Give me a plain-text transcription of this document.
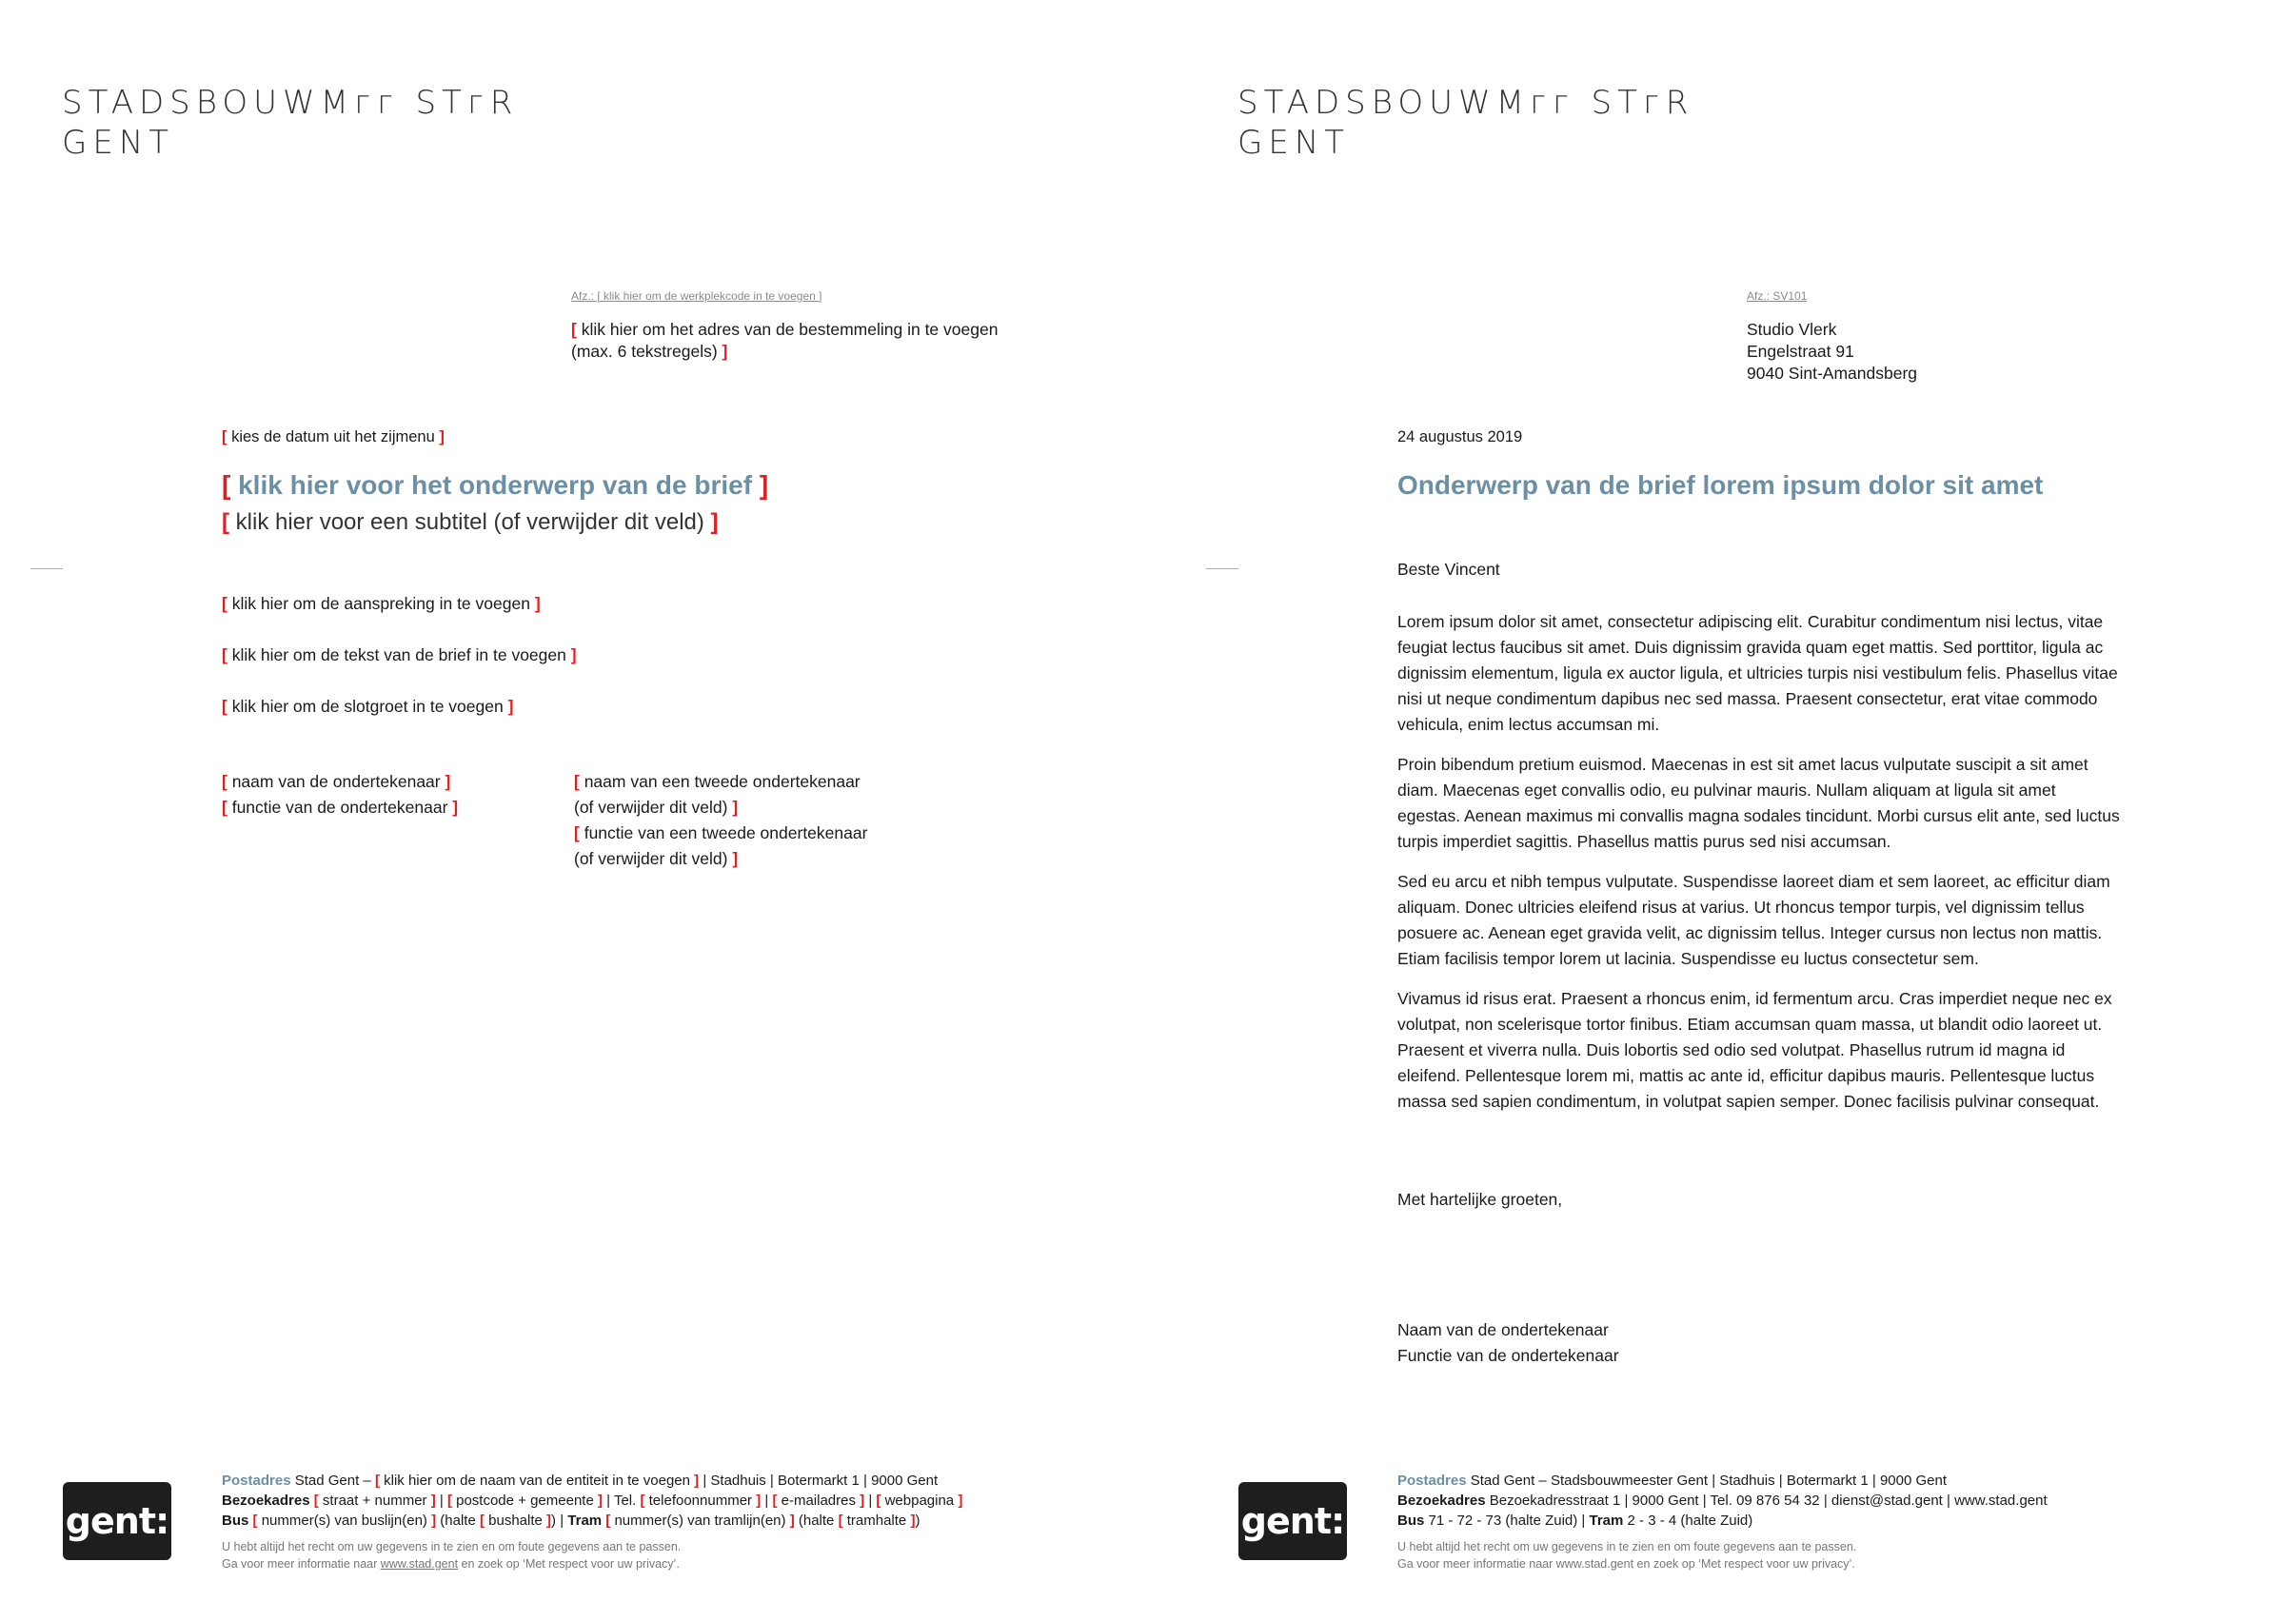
STADSBOUWMᴦᴦ STᴦR
GENT
Afz.: [ klik hier om de werkplekcode in te voegen ]
[ klik hier om het adres van de bestemmeling in te voegen
(max. 6 tekstregels) ]
[ kies de datum uit het zijmenu ]
[ klik hier voor het onderwerp van de brief ]
[ klik hier voor een subtitel (of verwijder dit veld) ]
[ klik hier om de aanspreking in te voegen ]
[ klik hier om de tekst van de brief in te voegen ]
[ klik hier om de slotgroet in te voegen ]
[ naam van de ondertekenaar ]
[ functie van de ondertekenaar ]
[ naam van een tweede ondertekenaar
(of verwijder dit veld) ]
[ functie van een tweede ondertekenaar
(of verwijder dit veld) ]
gent:
Postadres Stad Gent – [ klik hier om de naam van de entiteit in te voegen ] | Stadhuis | Botermarkt 1 | 9000 Gent
Bezoekadres [ straat + nummer ] | [ postcode + gemeente ] | Tel. [ telefoonnummer ] | [ e-mailadres ] | [ webpagina ]
Bus [ nummer(s) van buslijn(en) ] (halte [ bushalte ]) | Tram [ nummer(s) van tramlijn(en) ] (halte [ tramhalte ])
U hebt altijd het recht om uw gegevens in te zien en om foute gegevens aan te passen.
Ga voor meer informatie naar www.stad.gent en zoek op ‘Met respect voor uw privacy’.
STADSBOUWMᴦᴦ STᴦR
GENT
Afz.: SV101
Studio Vlerk
Engelstraat 91
9040 Sint-Amandsberg
24 augustus 2019
Onderwerp van de brief lorem ipsum dolor sit amet
Beste Vincent

Lorem ipsum dolor sit amet, consectetur adipiscing elit. Curabitur condimentum nisi lectus, vitae feugiat lectus faucibus sit amet. Duis dignissim gravida quam eget mattis. Sed porttitor, ligula ac dignissim elementum, ligula ex auctor ligula, et ultricies turpis nisi vestibulum felis. Phasellus vitae nisi ut neque condimentum dapibus nec sed massa. Praesent consectetur, erat vitae commodo vehicula, enim lectus accumsan mi.

Proin bibendum pretium euismod. Maecenas in est sit amet lacus vulputate suscipit a sit amet diam. Maecenas eget convallis odio, eu pulvinar mauris. Nullam aliquam at ligula sit amet egestas. Aenean maximus mi convallis magna sodales tincidunt. Morbi cursus elit ante, sed luctus turpis imperdiet sagittis. Phasellus mattis purus sed nisi accumsan.

Sed eu arcu et nibh tempus vulputate. Suspendisse laoreet diam et sem laoreet, ac efficitur diam aliquam. Donec ultricies eleifend risus at varius. Ut rhoncus tempor turpis, vel dignissim tellus posuere ac. Aenean eget gravida velit, ac dignissim tellus. Integer cursus non lectus non mattis. Etiam facilisis tempor lorem ut lacinia. Suspendisse eu luctus consectetur sem.

Vivamus id risus erat. Praesent a rhoncus enim, id fermentum arcu. Cras imperdiet neque nec ex volutpat, non scelerisque tortor finibus. Etiam accumsan quam massa, ut blandit odio laoreet ut. Praesent et viverra nulla. Duis lobortis sed odio sed volutpat. Phasellus rutrum id magna id eleifend. Pellentesque lorem mi, mattis ac ante id, efficitur dapibus mauris. Pellentesque luctus massa sed sapien condimentum, in volutpat sapien semper. Donec facilisis pulvinar consequat.

Met hartelijke groeten,
Naam van de ondertekenaar
Functie van de ondertekenaar
gent:
Postadres Stad Gent – Stadsbouwmeester Gent | Stadhuis | Botermarkt 1 | 9000 Gent
Bezoekadres Bezoekadresstraat 1 | 9000 Gent | Tel. 09 876 54 32 | dienst@stad.gent | www.stad.gent
Bus 71 - 72 - 73 (halte Zuid) | Tram 2 - 3 - 4 (halte Zuid)
U hebt altijd het recht om uw gegevens in te zien en om foute gegevens aan te passen.
Ga voor meer informatie naar www.stad.gent en zoek op ‘Met respect voor uw privacy’.
